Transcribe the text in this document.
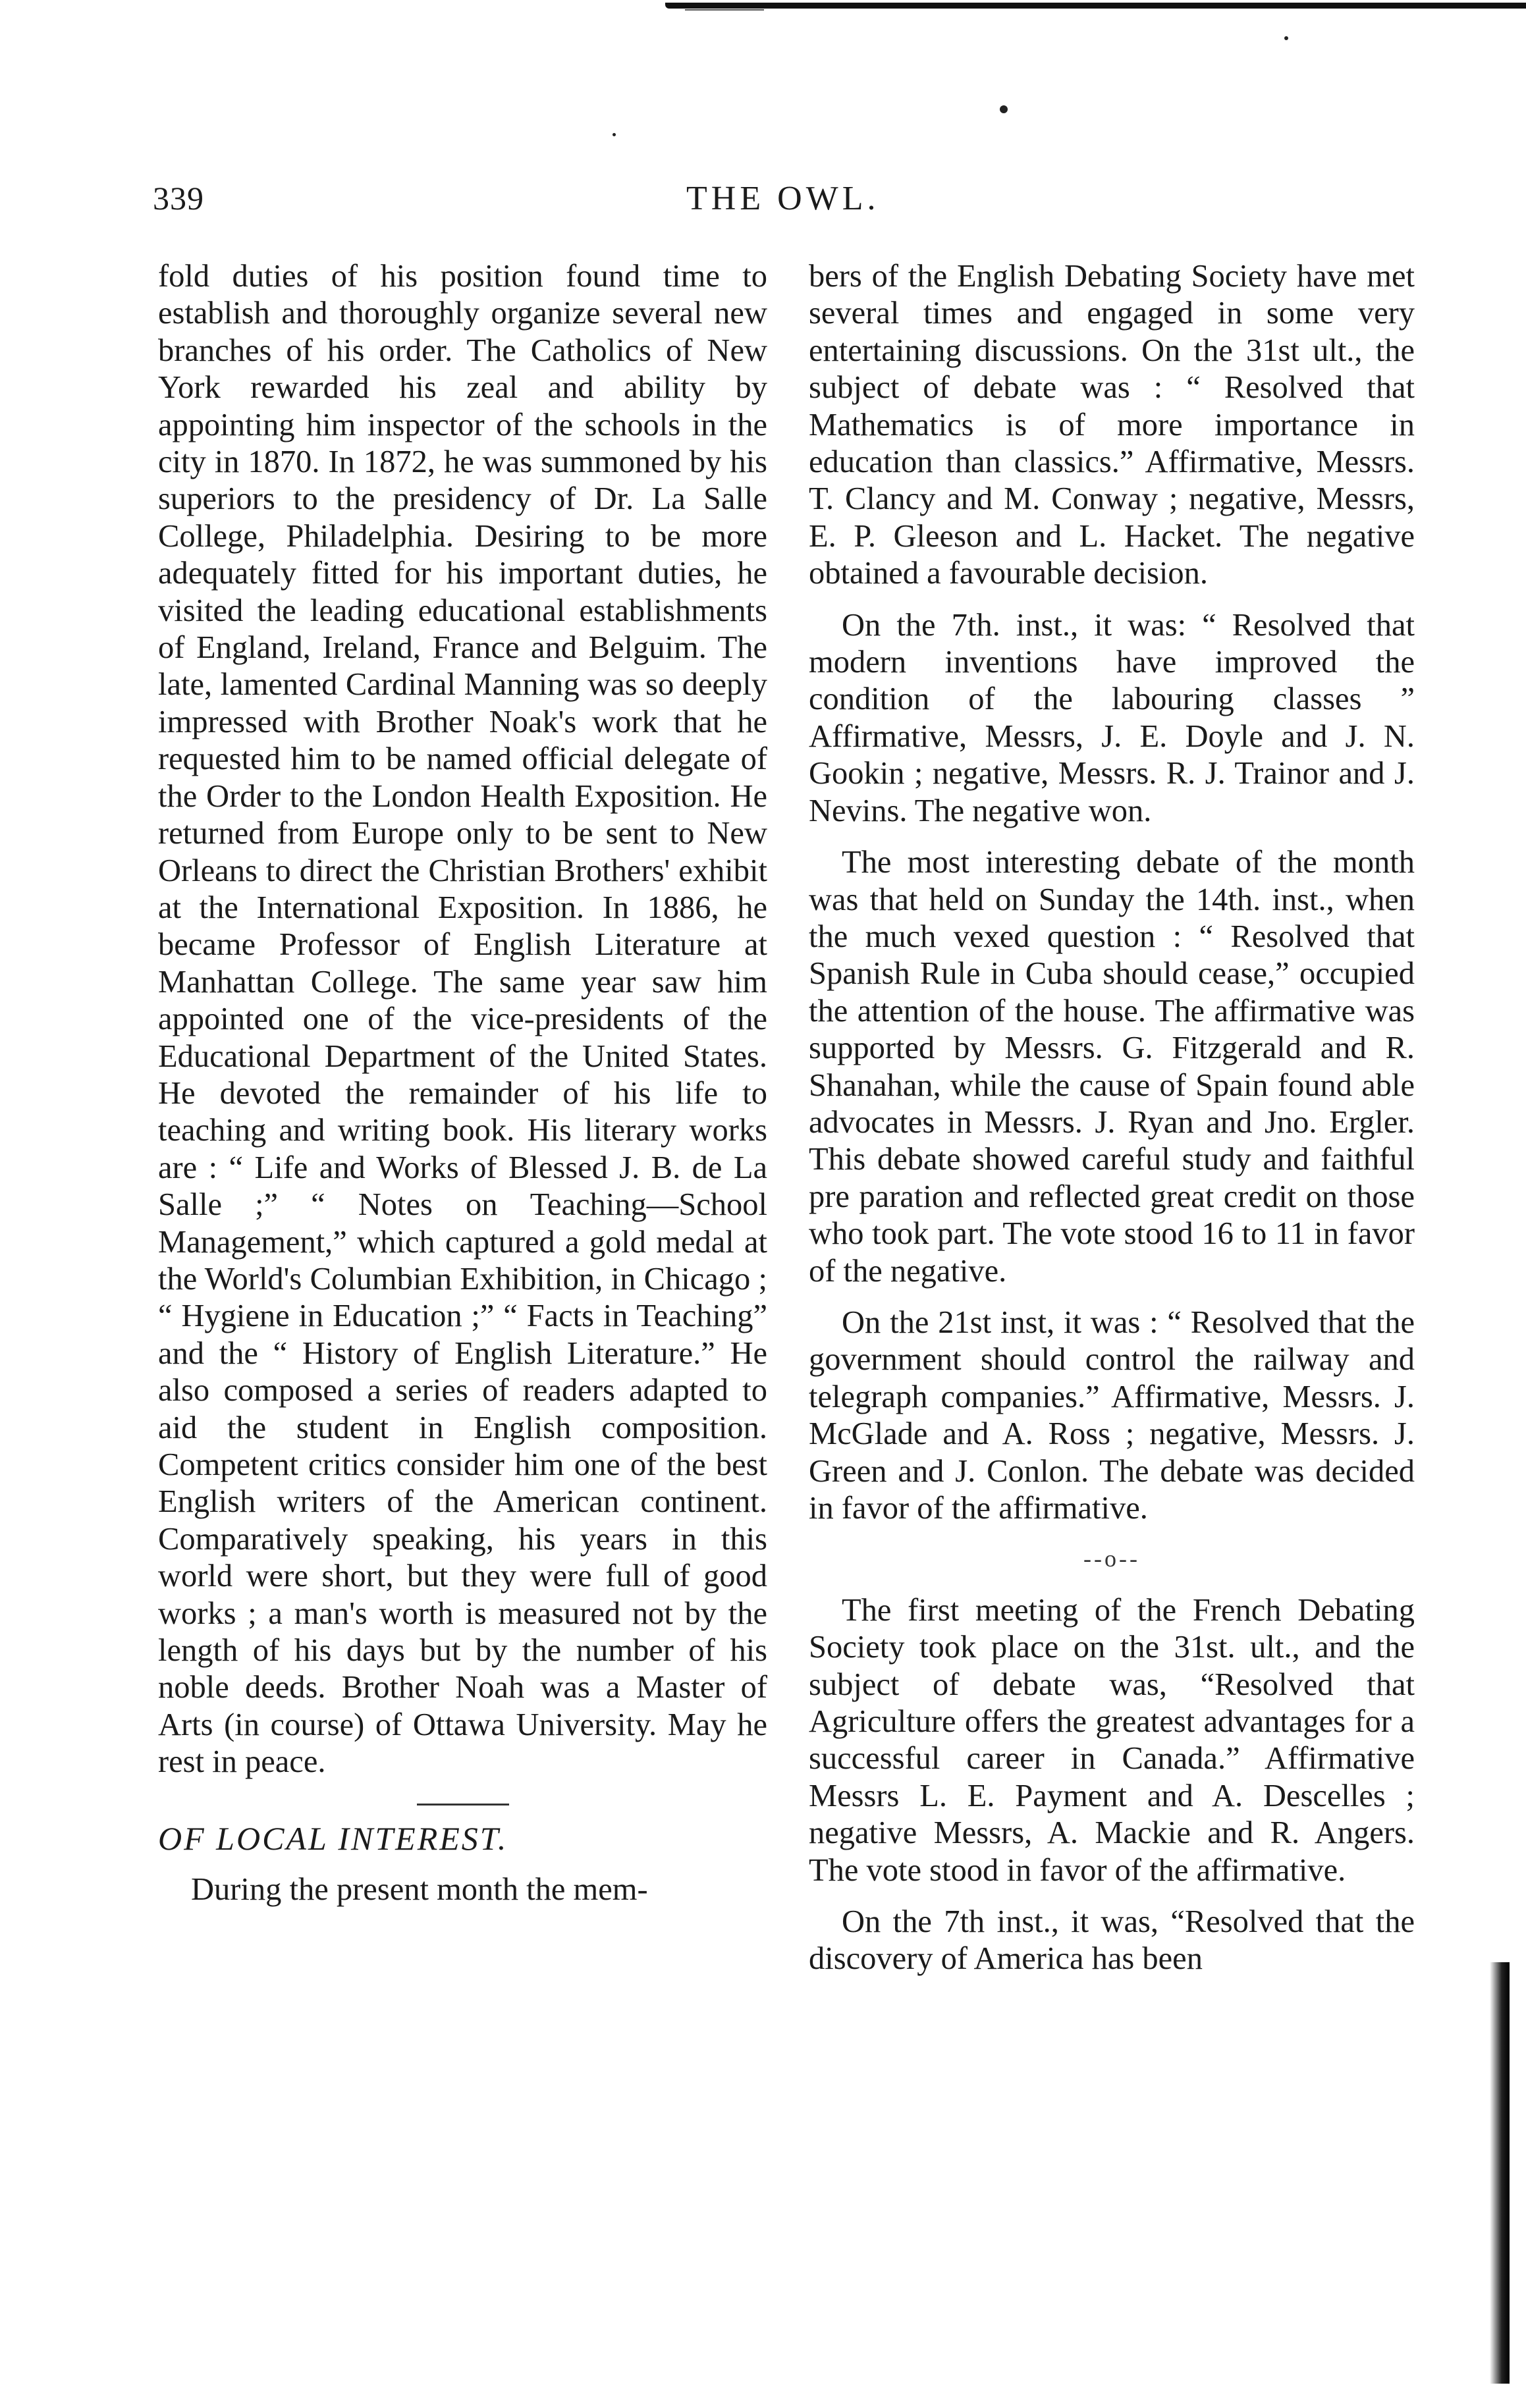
339	THE OWL.

fold duties of his position found time to establish and thoroughly organize several new branches of his order. The Catholics of New York rewarded his zeal and ability by appointing him inspector of the schools in the city in 1870. In 1872, he was summoned by his superiors to the presidency of Dr. La Salle College, Philadelphia. Desiring to be more adequately fitted for his important duties, he visited the leading educational establishments of England, Ireland, France and Belguim. The late, lamented Cardinal Manning was so deeply impressed with Brother Noak's work that he requested him to be named official delegate of the Order to the London Health Exposition. He returned from Europe only to be sent to New Orleans to direct the Christian Brothers' exhibit at the International Exposition. In 1886, he became Professor of English Literature at Manhattan College. The same year saw him appointed one of the vice-presidents of the Educational Department of the United States. He devoted the remainder of his life to teaching and writing book. His literary works are : “ Life and Works of Blessed J. B. de La Salle ;” “ Notes on Teaching—School Management,” which captured a gold medal at the World's Columbian Exhibition, in Chicago ; “ Hygiene in Education ;” “ Facts in Teaching” and the “ History of English Literature.” He also composed a series of readers adapted to aid the student in English composition. Competent critics consider him one of the best English writers of the American continent. Comparatively speaking, his years in this world were short, but they were full of good works ; a man's worth is measured not by the length of his days but by the number of his noble deeds. Brother Noah was a Master of Arts (in course) of Ottawa University. May he rest in peace.

OF LOCAL INTEREST.

During the present month the mem-

bers of the English Debating Society have met several times and engaged in some very entertaining discussions. On the 31st ult., the subject of debate was : “ Resolved that Mathematics is of more importance in education than classics.” Affirmative, Messrs. T. Clancy and M. Conway ; negative, Messrs, E. P. Gleeson and L. Hacket. The negative obtained a favourable decision.

On the 7th. inst., it was: “ Resolved that modern inventions have improved the condition of the labouring classes ” Affirmative, Messrs, J. E. Doyle and J. N. Gookin ; negative, Messrs. R. J. Trainor and J. Nevins. The negative won.

The most interesting debate of the month was that held on Sunday the 14th. inst., when the much vexed question : “ Resolved that Spanish Rule in Cuba should cease,” occupied the attention of the house. The affirmative was supported by Messrs. G. Fitzgerald and R. Shanahan, while the cause of Spain found able advocates in Messrs. J. Ryan and Jno. Ergler. This debate showed careful study and faithful pre paration and reflected great credit on those who took part. The vote stood 16 to 11 in favor of the negative.

On the 21st inst, it was : “ Resolved that the government should control the railway and telegraph companies.” Affirmative, Messrs. J. McGlade and A. Ross ; negative, Messrs. J. Green and J. Conlon. The debate was decided in favor of the affirmative.

--o--

The first meeting of the French Debating Society took place on the 31st. ult., and the subject of debate was, “Resolved that Agriculture offers the greatest advantages for a successful career in Canada.” Affirmative Messrs L. E. Payment and A. Descelles ; negative Messrs, A. Mackie and R. Angers. The vote stood in favor of the affirmative.

On the 7th inst., it was, “Resolved that the discovery of America has been
